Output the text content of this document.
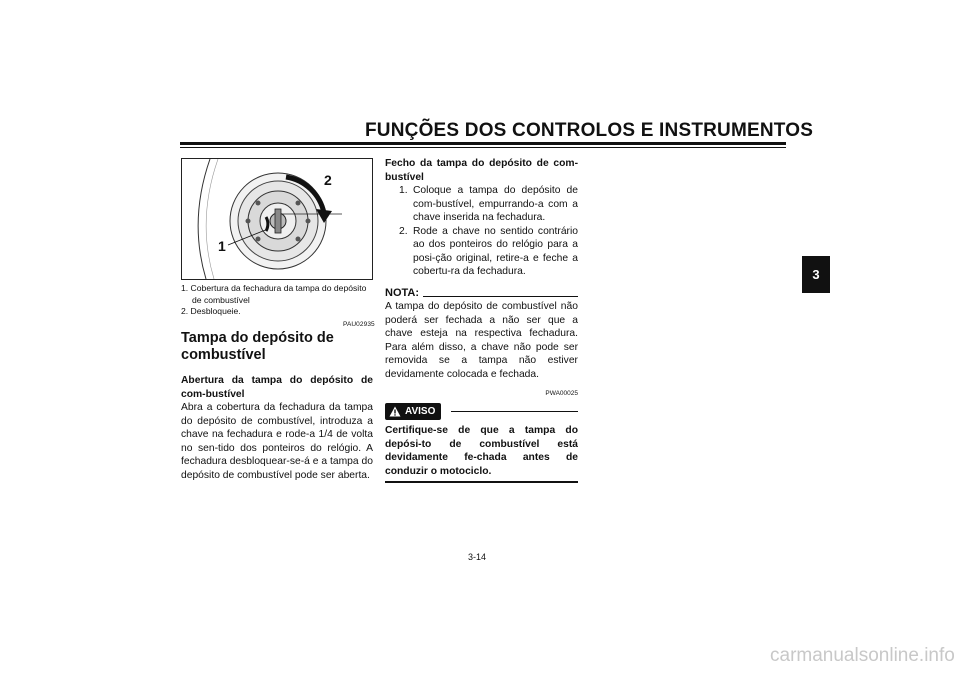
FUNÇÕES DOS CONTROLOS E INSTRUMENTOS
3
2
1
1. Cobertura da fechadura da tampa do depósito de combustível
2. Desbloqueie.
PAU02935
Tampa do depósito de combustível
Abertura da tampa do depósito de com-bustível
Abra a cobertura da fechadura da tampa do depósito de combustível, introduza a chave na fechadura e rode-a 1/4 de volta no sen-tido dos ponteiros do relógio. A fechadura desbloquear-se-á e a tampa do depósito de combustível pode ser aberta.
Fecho da tampa do depósito de com-bustível
1. Coloque a tampa do depósito de com-bustível, empurrando-a com a chave inserida na fechadura.
2. Rode a chave no sentido contrário ao dos ponteiros do relógio para a posi-ção original, retire-a e feche a cobertu-ra da fechadura.
NOTA:
A tampa do depósito de combustível não poderá ser fechada a não ser que a chave esteja na respectiva fechadura. Para além disso, a chave não pode ser removida se a tampa não estiver devidamente colocada e fechada.
PWA00025
AVISO
Certifique-se de que a tampa do depósi-to de combustível está devidamente fe-chada antes de conduzir o motociclo.
3-14
carmanualsonline.info
